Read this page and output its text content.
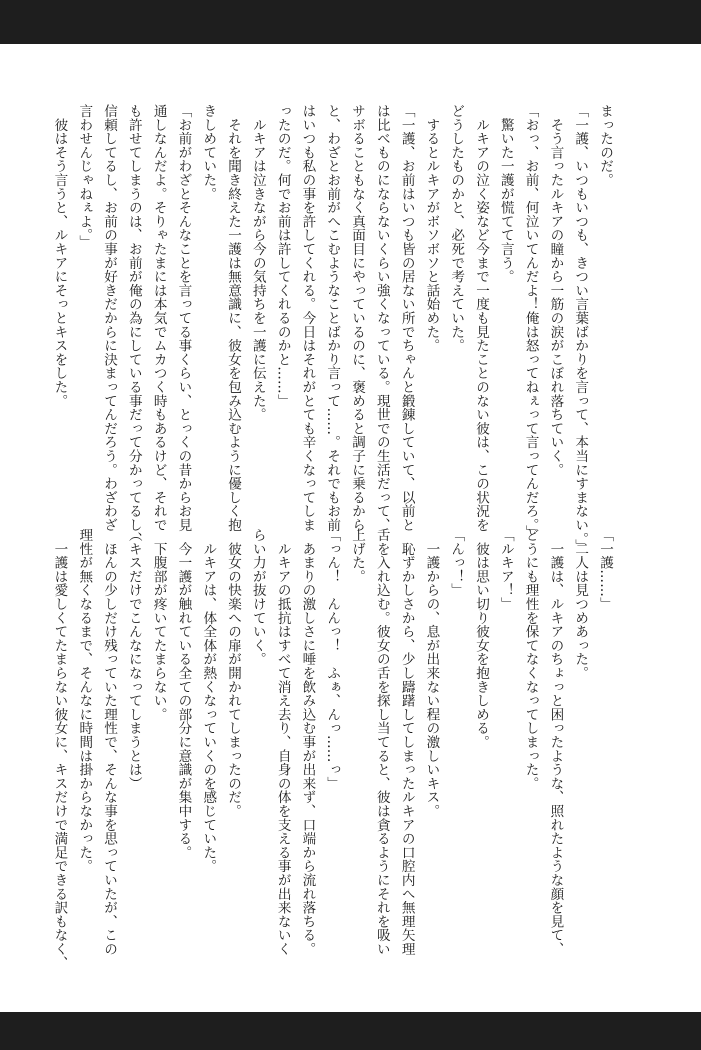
まったのだ。

「一護、いつもいつも、きつい言葉ばかりを言って、本当にすまない。」

　そう言ったルキアの瞳から一筋の涙がこぼれ落ちていく。

「おっ、お前、何泣いてんだよ！俺は怒ってねぇって言ってんだろ。」

　驚いた一護が慌てて言う。

　ルキアの泣く姿など今まで一度も見たことのない彼は、この状況を

どうしたものかと、必死で考えていた。

　するとルキアがボソボソと話始めた。

「一護、お前はいつも皆の居ない所でちゃんと鍛錬していて、以前と

は比べものにならないくらい強くなっている。現世での生活だって、

サボることもなく真面目にやっているのに、褒めると調子に乗るから

と、わざとお前がへこむようなことばかり言って……。それでもお前

はいつも私の事を許してくれる。今日はそれがとても辛くなってしま

ったのだ。何でお前は許してくれるのかと……」

　ルキアは泣きながら今の気持ちを一護に伝えた。

　それを聞き終えた一護は無意識に、彼女を包み込むように優しく抱

きしめていた。

「お前がわざとそんなことを言ってる事くらい、とっくの昔からお見

通しなんだよ。そりゃたまには本気でムカつく時もあるけど、それで

も許せてしまうのは、お前が俺の為にしている事だって分かってるし、

信頼してるし、お前の事が好きだからに決まってんだろう。わざわざ

言わせんじゃねぇよ。」

　彼はそう言うと、ルキアにそっとキスをした。

「一護……」

　二人は見つめあった。

　一護は、ルキアのちょっと困ったような、照れたような顔を見て、

どうにも理性を保てなくなってしまった。

「ルキア！」

　彼は思い切り彼女を抱きしめる。

「んっ！」

　一護からの、息が出来ない程の激しいキス。

　恥ずかしさから、少し躊躇してしまったルキアの口腔内へ無理矢理

舌を入れ込む。彼女の舌を探し当てると、彼は貪るようにそれを吸い

上げた。

「っん！　んんっ！　ふぁ、んっ……っ」

　あまりの激しさに唾を飲み込む事が出来ず、口端から流れ落ちる。

　ルキアの抵抗はすべて消え去り、自身の体を支える事が出来ないく

らい力が抜けていく。

　彼女の快楽への扉が開かれてしまったのだ。

　ルキアは、体全体が熱くなっていくのを感じていた。

　今一護が触れている全ての部分に意識が集中する。

　下腹部が疼いてたまらない。

（キスだけでこんなになってしまうとは）

　ほんの少しだけ残っていた理性で、そんな事を思っていたが、この

理性が無くなるまで、そんなに時間は掛からなかった。

　一護は愛しくてたまらない彼女に、キスだけで満足できる訳もなく、
